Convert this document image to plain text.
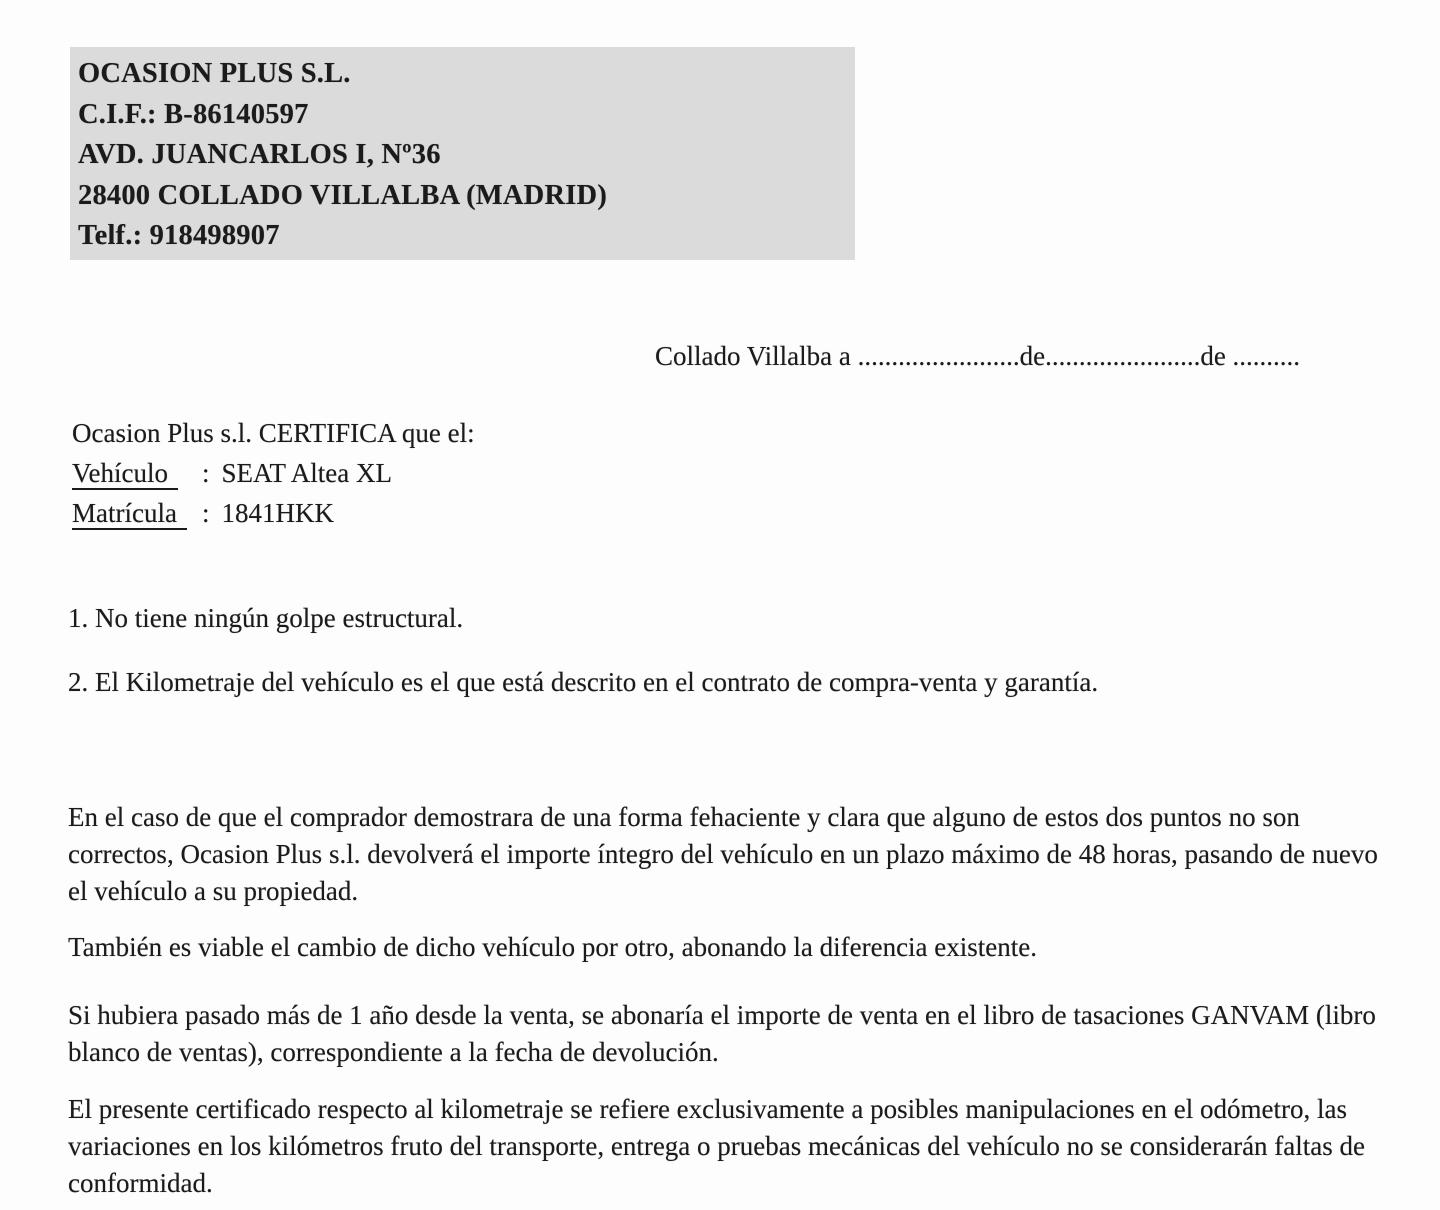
OCASION PLUS S.L.
C.I.F.: B-86140597
AVD. JUANCARLOS I, Nº36
28400 COLLADO VILLALBA (MADRID)
Telf.: 918498907
Collado Villalba a ........................de.......................de ..........
Ocasion Plus s.l. CERTIFICA que el:
Vehículo : SEAT Altea XL
Matrícula : 1841HKK
1. No tiene ningún golpe estructural.
2. El Kilometraje del vehículo es el que está descrito en el contrato de compra-venta y garantía.

En el caso de que el comprador demostrara de una forma fehaciente y clara que alguno de estos dos puntos no son correctos, Ocasion Plus s.l. devolverá el importe íntegro del vehículo en un plazo máximo de 48 horas, pasando de nuevo el vehículo a su propiedad.

También es viable el cambio de dicho vehículo por otro, abonando la diferencia existente.

Si hubiera pasado más de 1 año desde la venta, se abonaría el importe de venta en el libro de tasaciones GANVAM (libro blanco de ventas), correspondiente a la fecha de devolución.

El presente certificado respecto al kilometraje se refiere exclusivamente a posibles manipulaciones en el odómetro, las variaciones en los kilómetros fruto del transporte, entrega o pruebas mecánicas del vehículo no se considerarán faltas de conformidad.
